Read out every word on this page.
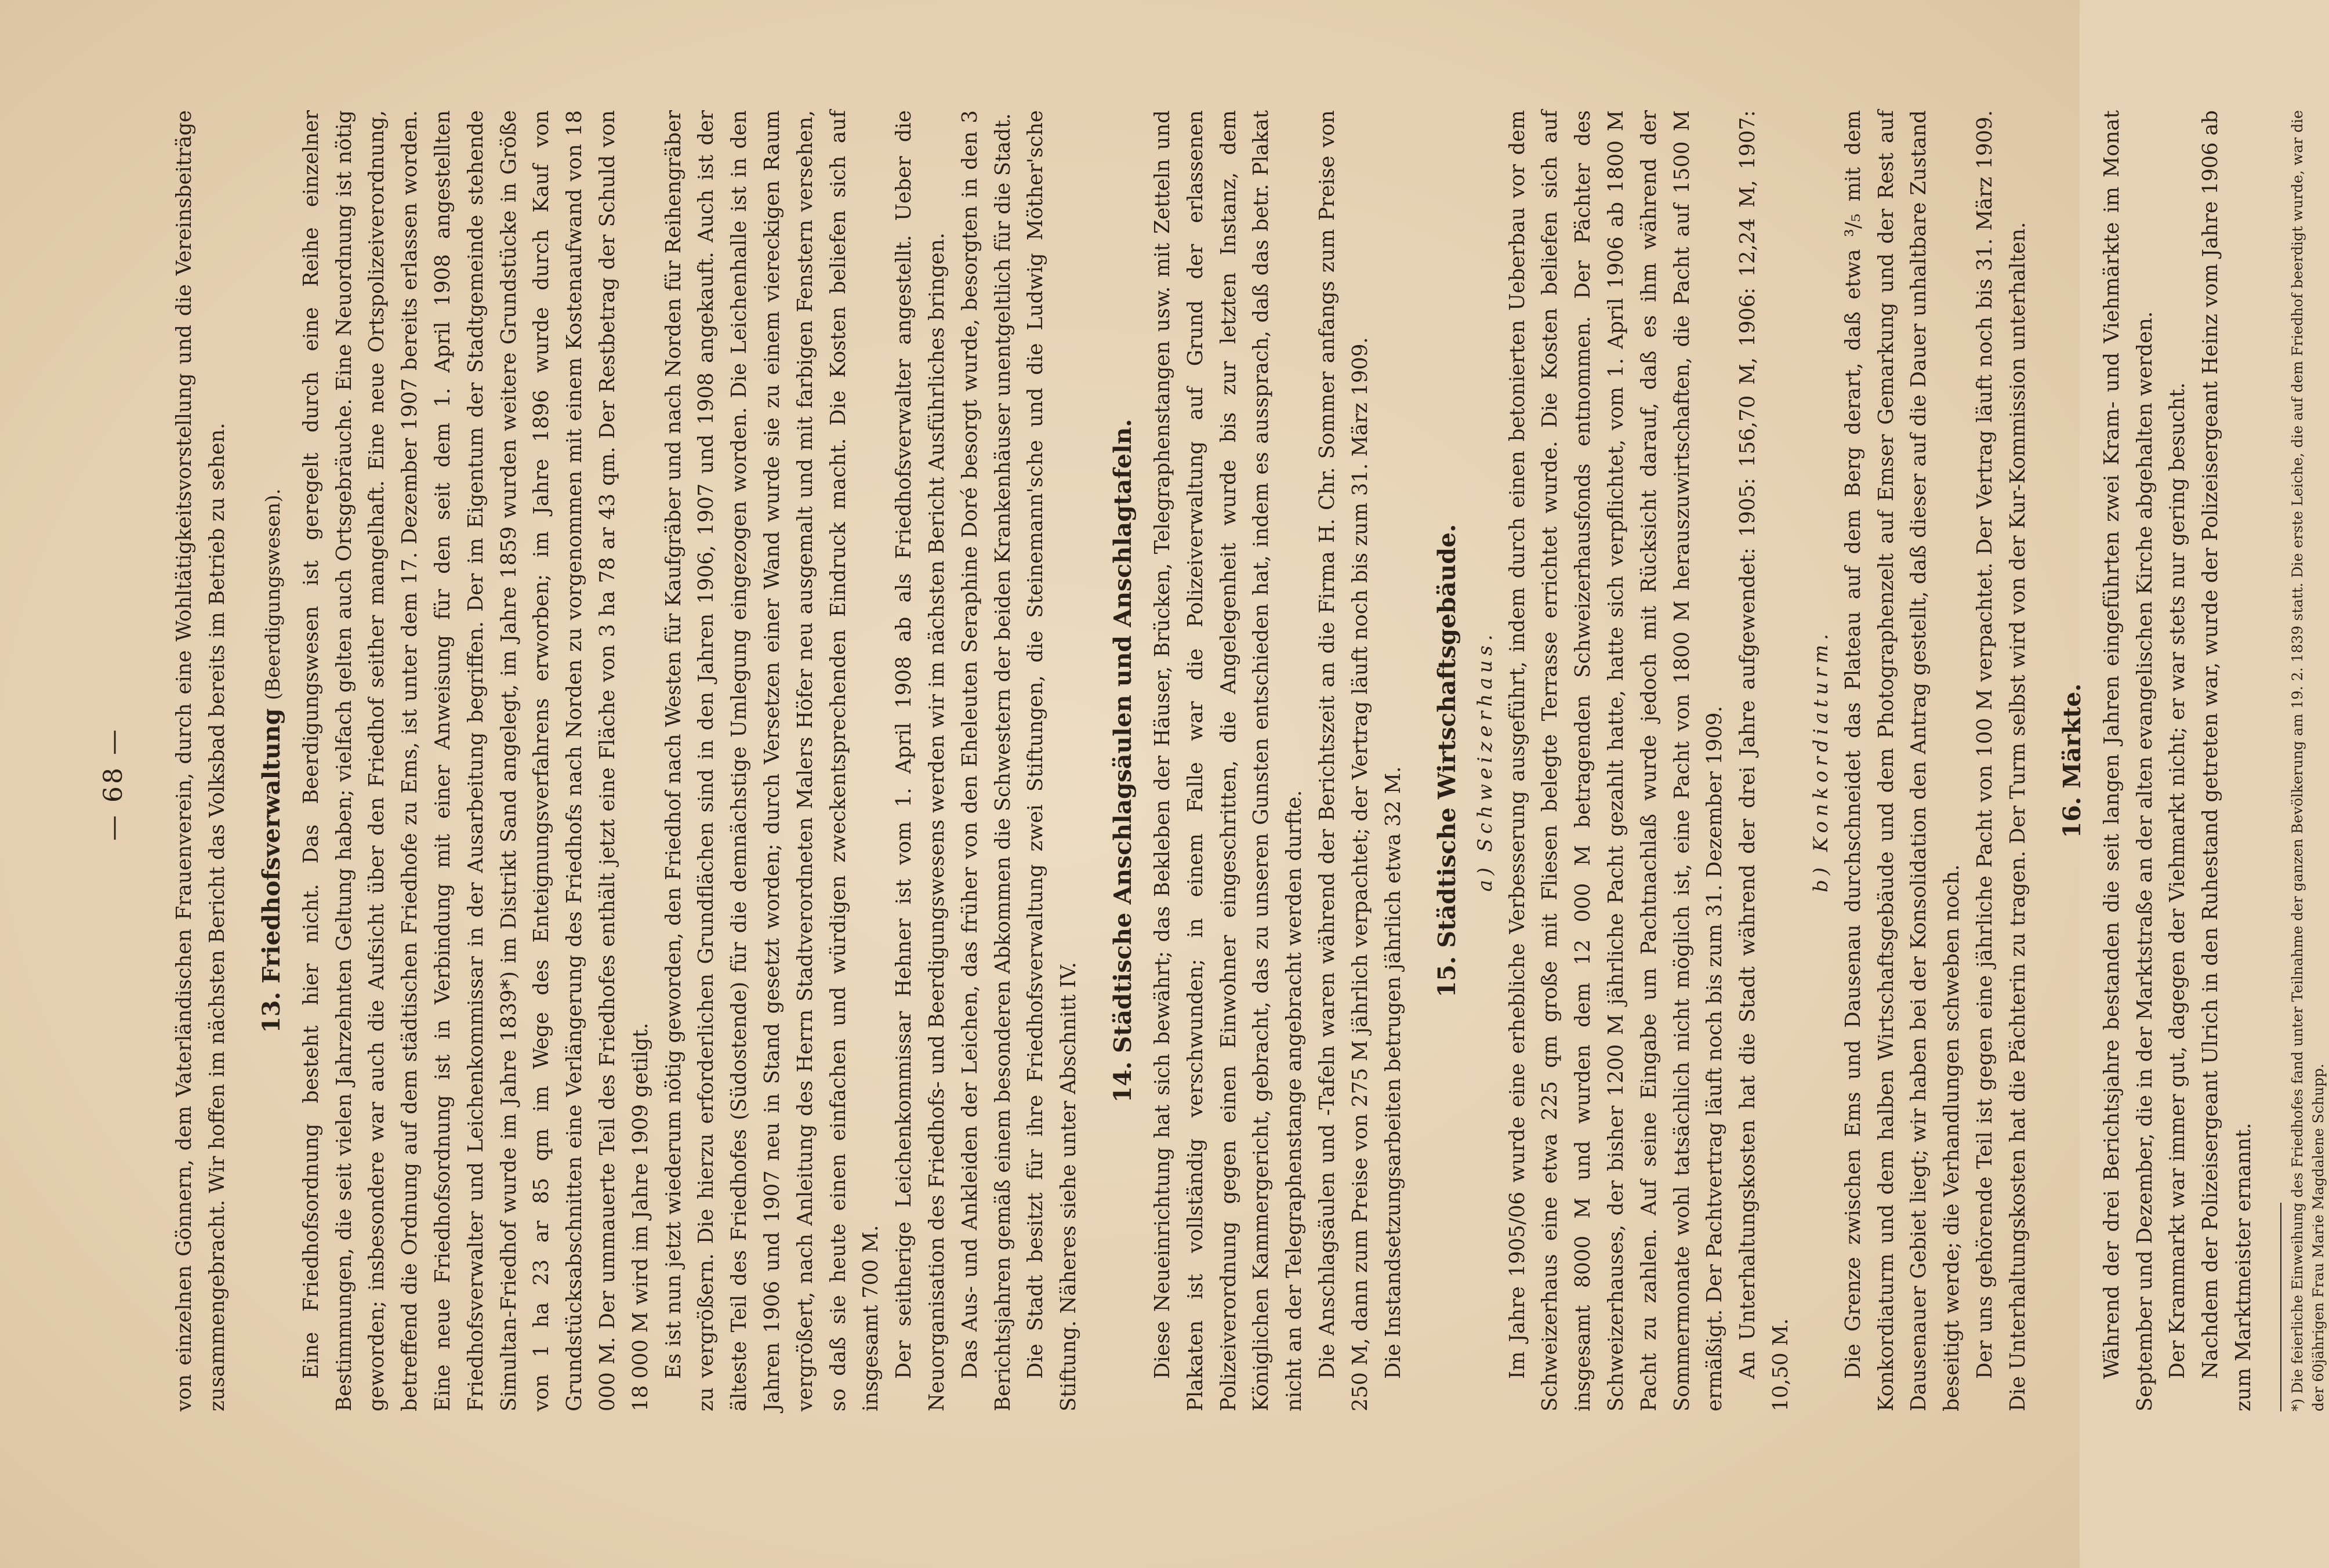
— 68 — von einzelnen Gönnern, dem Vaterländischen Frauenverein, durch eine Wohltätigkeitsvorstellung und die Vereinsbeiträge zusammengebracht. Wir hoffen im nächsten Bericht das Volksbad bereits im Betrieb zu sehen. 13. Friedhofsverwaltung (Beerdigungswesen). Eine Friedhofsordnung besteht hier nicht. Das Beerdigungswesen ist geregelt durch eine Reihe einzelner Bestimmungen, die seit vielen Jahrzehnten Geltung haben; vielfach gelten auch Ortsgebräuche. Eine Neuordnung ist nötig geworden; insbesondere war auch die Aufsicht über den Friedhof seither mangelhaft. Eine neue Ortspolizeiverordnung, betreffend die Ordnung auf dem städtischen Friedhofe zu Ems, ist unter dem 17. Dezember 1907 bereits erlassen worden. Eine neue Friedhofsordnung ist in Verbindung mit einer Anweisung für den seit dem 1. April 1908 angestellten Friedhofsverwalter und Leichenkommissar in der Ausarbeitung begriffen. Der im Eigentum der Stadtgemeinde stehende Simultan-Friedhof wurde im Jahre 1839*) im Distrikt Sand angelegt, im Jahre 1859 wurden weitere Grundstücke in Größe von 1 ha 23 ar 85 qm im Wege des Enteignungsverfahrens erworben; im Jahre 1896 wurde durch Kauf von Grundstücksabschnitten eine Verlängerung des Friedhofs nach Norden zu vorgenommen mit einem Kostenaufwand von 18 000 M. Der ummauerte Teil des Friedhofes enthält jetzt eine Fläche von 3 ha 78 ar 43 qm. Der Restbetrag der Schuld von 18 000 M wird im Jahre 1909 getilgt. Es ist nun jetzt wiederum nötig geworden, den Friedhof nach Westen für Kaufgräber und nach Norden für Reihengräber zu vergrößern. Die hierzu erforderlichen Grundflächen sind in den Jahren 1906, 1907 und 1908 angekauft. Auch ist der älteste Teil des Friedhofes (Südostende) für die demnächstige Umlegung eingezogen worden. Die Leichenhalle ist in den Jahren 1906 und 1907 neu in Stand gesetzt worden; durch Versetzen einer Wand wurde sie zu einem viereckigen Raum vergrößert, nach Anleitung des Herrn Stadtverordneten Malers Höfer neu ausgemalt und mit farbigen Fenstern versehen, so daß sie heute einen einfachen und würdigen zweckentsprechenden Eindruck macht. Die Kosten beliefen sich auf insgesamt 700 M. Der seitherige Leichenkommissar Hehner ist vom 1. April 1908 ab als Friedhofsverwalter angestellt. Ueber die Neuorganisation des Friedhofs- und Beerdigungswesens werden wir im nächsten Bericht Ausführliches bringen. Das Aus- und Ankleiden der Leichen, das früher von den Eheleuten Seraphine Doré besorgt wurde, besorgten in den 3 Berichtsjahren gemäß einem besonderen Abkommen die Schwestern der beiden Krankenhäuser unentgeltlich für die Stadt. Die Stadt besitzt für ihre Friedhofsverwaltung zwei Stiftungen, die Steinemann'sche und die Ludwig Möther'sche Stiftung. Näheres siehe unter Abschnitt IV.

14. Städtische Anschlagsäulen und Anschlagtafeln. Diese Neueinrichtung hat sich bewährt; das Bekleben der Häuser, Brücken, Telegraphenstangen usw. mit Zetteln und Plakaten ist vollständig verschwunden; in einem Falle war die Polizeiverwaltung auf Grund der erlassenen Polizeiverordnung gegen einen Einwohner eingeschritten, die Angelegenheit wurde bis zur letzten Instanz, dem Königlichen Kammergericht, gebracht, das zu unseren Gunsten entschieden hat, indem es aussprach, daß das betr. Plakat nicht an der Telegraphenstange angebracht werden durfte. Die Anschlagsäulen und -Tafeln waren während der Berichtszeit an die Firma H. Chr. Sommer anfangs zum Preise von 250 M, dann zum Preise von 275 M jährlich verpachtet; der Vertrag läuft noch bis zum 31. März 1909. Die Instandsetzungsarbeiten betrugen jährlich etwa 32 M.

15. Städtische Wirtschaftsgebäude. a) Schweizerhaus. Im Jahre 1905/06 wurde eine erhebliche Verbesserung ausgeführt, indem durch einen betonierten Ueberbau vor dem Schweizerhaus eine etwa 225 qm große mit Fliesen belegte Terrasse errichtet wurde. Die Kosten beliefen sich auf insgesamt 8000 M und wurden dem 12 000 M betragenden Schweizerhausfonds entnommen. Der Pächter des Schweizerhauses, der bisher 1200 M jährliche Pacht gezahlt hatte, hatte sich verpflichtet, vom 1. April 1906 ab 1800 M Pacht zu zahlen. Auf seine Eingabe um Pachtnachlaß wurde jedoch mit Rücksicht darauf, daß es ihm während der Sommermonate wohl tatsächlich nicht möglich ist, eine Pacht von 1800 M herauszuwirtschaften, die Pacht auf 1500 M ermäßigt. Der Pachtvertrag läuft noch bis zum 31. Dezember 1909. An Unterhaltungskosten hat die Stadt während der drei Jahre aufgewendet: 1905: 156,70 M, 1906: 12,24 M, 1907: 10,50 M.

b) Konkordiaturm. Die Grenze zwischen Ems und Dausenau durchschneidet das Plateau auf dem Berg derart, daß etwa ³/₅ mit dem Konkordiaturm und dem halben Wirtschaftsgebäude und dem Photographenzelt auf Emser Gemarkung und der Rest auf Dausenauer Gebiet liegt; wir haben bei der Konsolidation den Antrag gestellt, daß dieser auf die Dauer unhaltbare Zustand beseitigt werde; die Verhandlungen schweben noch. Der uns gehörende Teil ist gegen eine jährliche Pacht von 100 M verpachtet. Der Vertrag läuft noch bis 31. März 1909. Die Unterhaltungskosten hat die Pächterin zu tragen. Der Turm selbst wird von der Kur-Kommission unterhalten. 16. Märkte. Während der drei Berichtsjahre bestanden die seit langen Jahren eingeführten zwei Kram- und Viehmärkte im Monat September und Dezember, die in der Marktstraße an der alten evangelischen Kirche abgehalten werden. Der Krammarkt war immer gut, dagegen der Viehmarkt nicht; er war stets nur gering besucht. Nachdem der Polizeisergeant Ulrich in den Ruhestand getreten war, wurde der Polizeisergeant Heinz vom Jahre 1906 ab zum Marktmeister ernannt.	*) Die feierliche Einweihung des Friedhofes fand unter Teilnahme der ganzen Bevölkerung am 19. 2. 1839 statt. Die erste Leiche, die auf dem Friedhof beerdigt wurde, war die der 60jährigen Frau Marie Magdalene Schupp.
